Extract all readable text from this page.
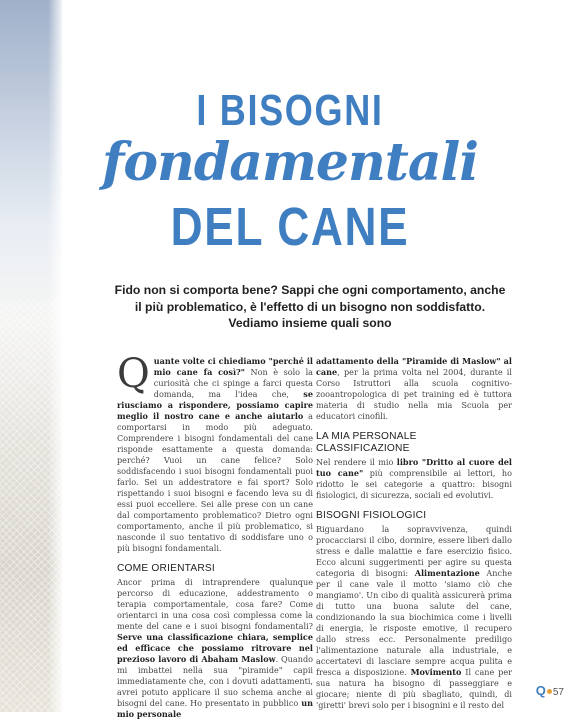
I BISOGNI
fondamentali
DEL CANE
Fido non si comporta bene? Sappi che ogni comportamento, anche il più problematico, è l'effetto di un bisogno non soddisfatto. Vediamo insieme quali sono

Quante volte ci chiediamo "perché il mio cane fa così?" Non è solo la curiosità che ci spinge a farci questa domanda, ma l'idea che, se riusciamo a rispondere, possiamo capire meglio il nostro cane e anche aiutarlo a comportarsi in modo più adeguato. Comprendere i bisogni fondamentali del cane risponde esattamente a questa domanda: perché? Vuoi un cane felice? Solo soddisfacendo i suoi bisogni fondamentali puoi farlo. Sei un addestratore e fai sport? Solo rispettando i suoi bisogni e facendo leva su di essi puoi eccellere. Sei alle prese con un cane dal comportamento problematico? Dietro ogni comportamento, anche il più problematico, si nasconde il suo tentativo di soddisfare uno o più bisogni fondamentali.

COME ORIENTARSI

Ancor prima di intraprendere qualunque percorso di educazione, addestramento o terapia comportamentale, cosa fare? Come orientarci in una cosa così complessa come la mente del cane e i suoi bisogni fondamentali? Serve una classificazione chiara, semplice ed efficace che possiamo ritrovare nel prezioso lavoro di Abaham Maslow. Quando mi imbattei nella sua "piramide" capii immediatamente che, con i dovuti adattamenti, avrei potuto applicare il suo schema anche ai bisogni del cane. Ho presentato in pubblico un mio personale

adattamento della "Piramide di Maslow" al cane, per la prima volta nel 2004, durante il Corso Istruttori alla scuola cognitivo-zooantropologica di pet training ed è tuttora materia di studio nella mia Scuola per educatori cinofili.

LA MIA PERSONALE CLASSIFICAZIONE

Nel rendere il mio libro "Dritto al cuore del tuo cane" più comprensibile ai lettori, ho ridotto le sei categorie a quattro: bisogni fisiologici, di sicurezza, sociali ed evolutivi.

BISOGNI FISIOLOGICI

Riguardano la sopravvivenza, quindi procacciarsi il cibo, dormire, essere liberi dallo stress e dalle malattie e fare esercizio fisico. Ecco alcuni suggerimenti per agire su questa categoria di bisogni: Alimentazione Anche per il cane vale il motto 'siamo ciò che mangiamo'. Un cibo di qualità assicurerà prima di tutto una buona salute del cane, condizionando la sua biochimica come i livelli di energia, le risposte emotive, il recupero dallo stress ecc. Personalmente prediligo l'alimentazione naturale alla industriale, e accertatevi di lasciare sempre acqua pulita e fresca a disposizione. Movimento Il cane per sua natura ha bisogno di passeggiare e giocare; niente di più sbagliato, quindi, di 'giretti' brevi solo per i bisognini e il resto del

Q 57
